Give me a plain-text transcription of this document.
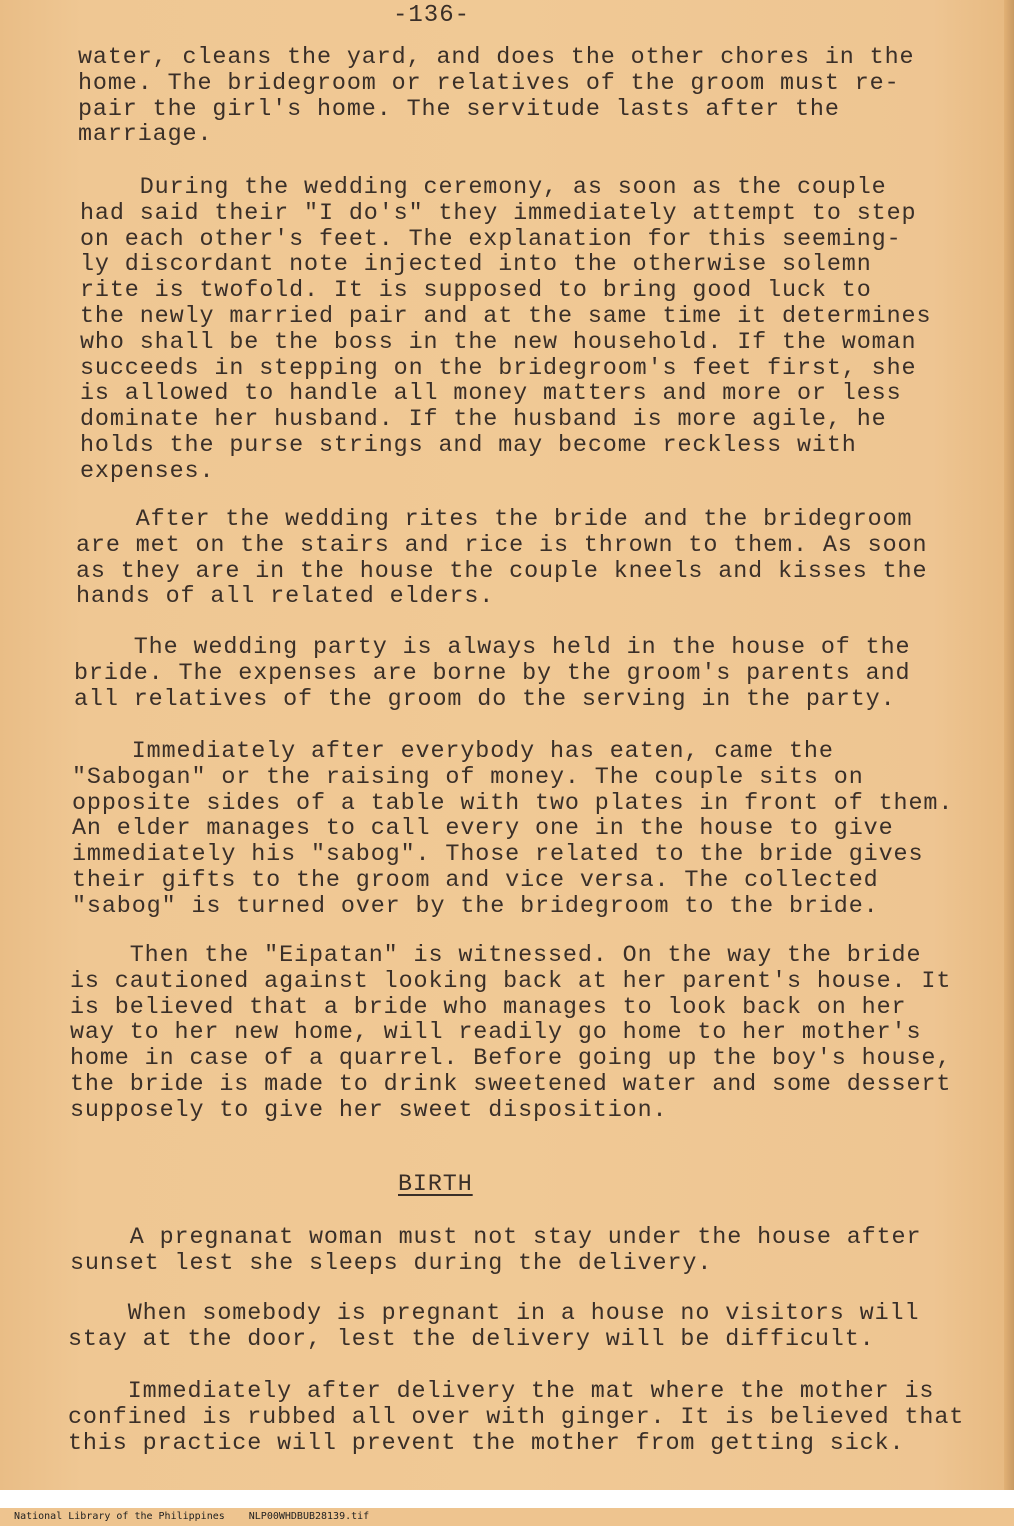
-136-

water, cleans the yard, and does the other chores in the
home. The bridegroom or relatives of the groom must re-
pair the girl's home. The servitude lasts after the
marriage.

During the wedding ceremony, as soon as the couple
had said their "I do's" they immediately attempt to step
on each other's feet. The explanation for this seeming-
ly discordant note injected into the otherwise solemn
rite is twofold. It is supposed to bring good luck to
the newly married pair and at the same time it determines
who shall be the boss in the new household. If the woman
succeeds in stepping on the bridegroom's feet first, she
is allowed to handle all money matters and more or less
dominate her husband. If the husband is more agile, he
holds the purse strings and may become reckless with
expenses.

After the wedding rites the bride and the bridegroom
are met on the stairs and rice is thrown to them. As soon
as they are in the house the couple kneels and kisses the
hands of all related elders.

The wedding party is always held in the house of the
bride. The expenses are borne by the groom's parents and
all relatives of the groom do the serving in the party.

Immediately after everybody has eaten, came the
"Sabogan" or the raising of money. The couple sits on
opposite sides of a table with two plates in front of them.
An elder manages to call every one in the house to give
immediately his "sabog". Those related to the bride gives
their gifts to the groom and vice versa. The collected
"sabog" is turned over by the bridegroom to the bride.

Then the "Eipatan" is witnessed. On the way the bride
is cautioned against looking back at her parent's house. It
is believed that a bride who manages to look back on her
way to her new home, will readily go home to her mother's
home in case of a quarrel. Before going up the boy's house,
the bride is made to drink sweetened water and some dessert
supposely to give her sweet disposition.

BIRTH

A pregnanat woman must not stay under the house after
sunset lest she sleeps during the delivery.

When somebody is pregnant in a house no visitors will
stay at the door, lest the delivery will be difficult.

Immediately after delivery the mat where the mother is
confined is rubbed all over with ginger. It is believed that
this practice will prevent the mother from getting sick.

National Library of the Philippines NLP00WHDBUB28139.tif
